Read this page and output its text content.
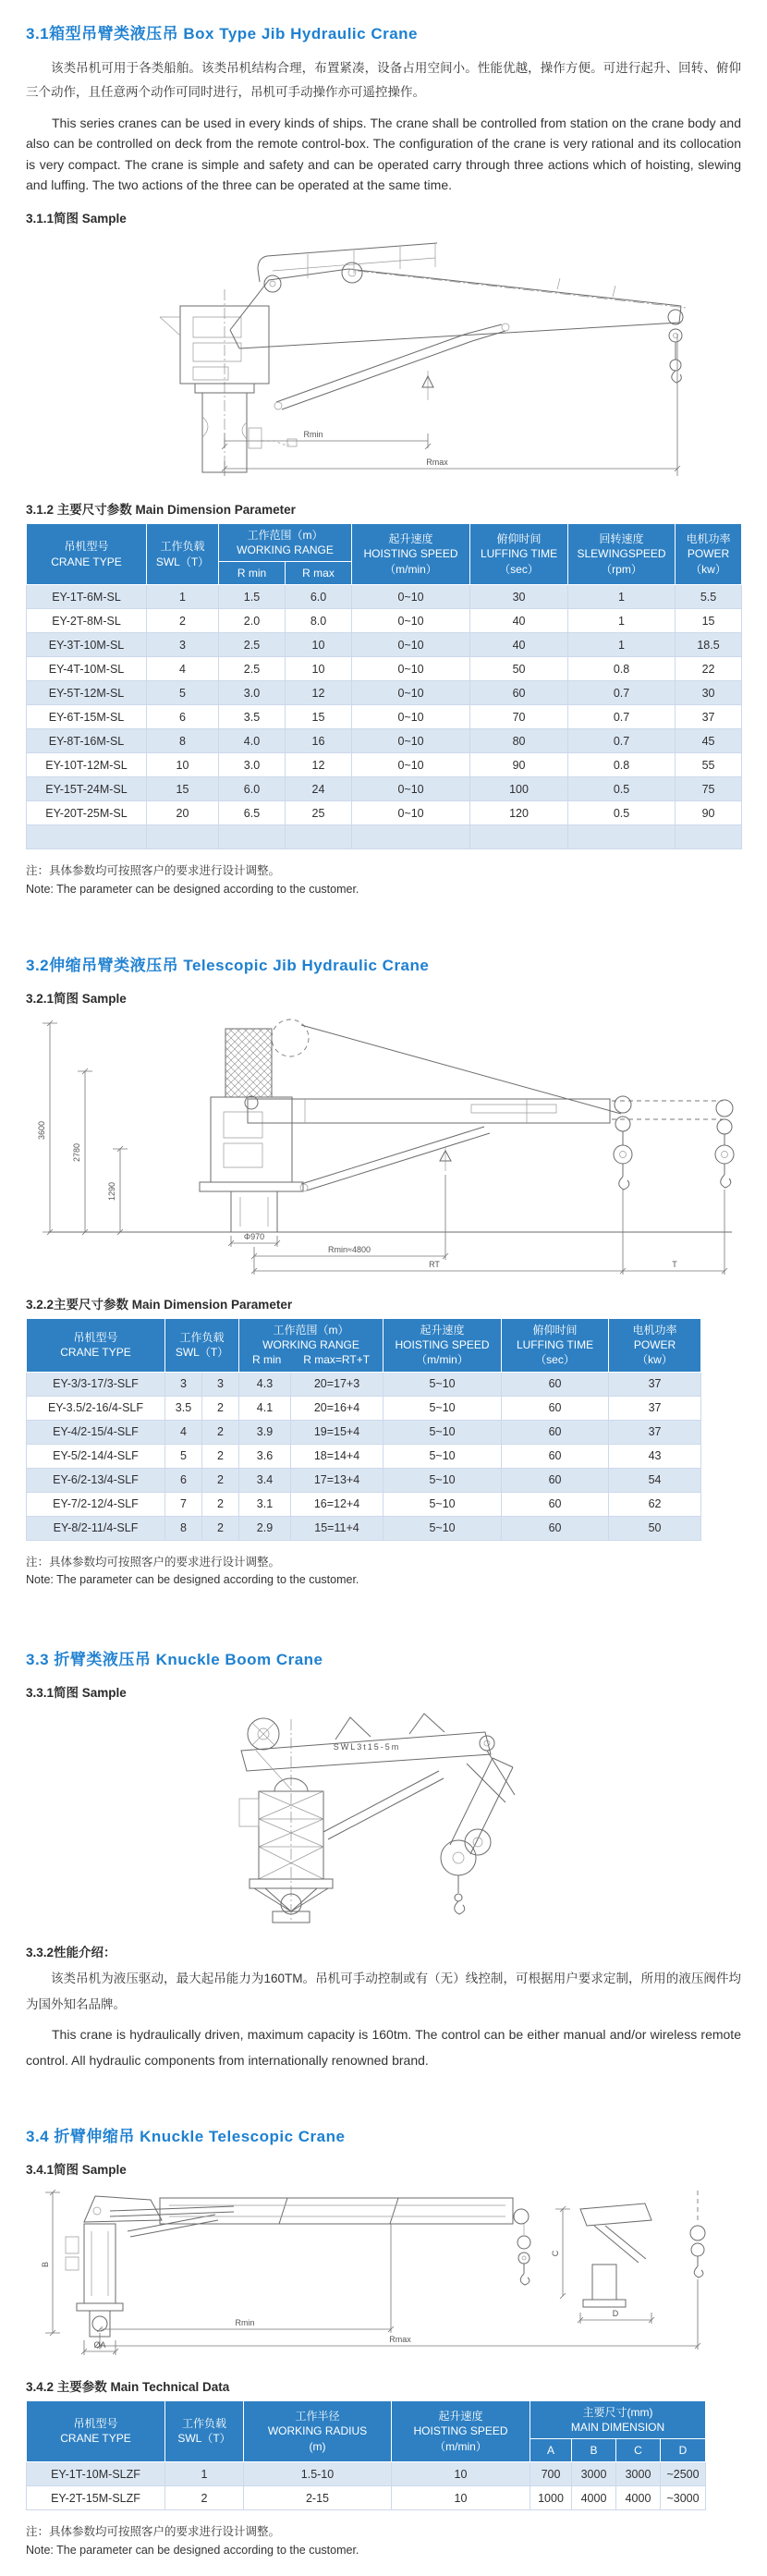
3.1箱型吊臂类液压吊 Box Type Jib Hydraulic Crane

该类吊机可用于各类船舶。该类吊机结构合理，布置紧凑，设备占用空间小。性能优越，操作方便。可进行起升、回转、俯仰三个动作，且任意两个动作可同时进行，吊机可手动操作亦可遥控操作。

This series cranes can be used in every kinds of ships. The crane shall be controlled from station on the crane body and also can be controlled on deck from the remote control-box. The configuration of the crane is very rational and its collocation is very compact. The crane is simple and safety and can be operated carry through three actions which of hoisting, slewing and luffing. The two actions of the three can be operated at the same time.

3.1.1简图 Sample
Rmin
Rmax
3.1.2 主要尺寸参数 Main Dimension Parameter
吊机型号
CRANE TYPE	工作负载
SWL（T）	工作范围（m）
WORKING RANGE		起升速度
HOISTING SPEED
（m/min）	俯仰时间
LUFFING TIME
（sec）	回转速度
SLEWINGSPEED
（rpm）	电机功率
POWER
（kw）
		R min	R max				
EY-1T-6M-SL	1	1.5	6.0	0~10	30	1	5.5
EY-2T-8M-SL	2	2.0	8.0	0~10	40	1	15
EY-3T-10M-SL	3	2.5	10	0~10	40	1	18.5
EY-4T-10M-SL	4	2.5	10	0~10	50	0.8	22
EY-5T-12M-SL	5	3.0	12	0~10	60	0.7	30
EY-6T-15M-SL	6	3.5	15	0~10	70	0.7	37
EY-8T-16M-SL	8	4.0	16	0~10	80	0.7	45
EY-10T-12M-SL	10	3.0	12	0~10	90	0.8	55
EY-15T-24M-SL	15	6.0	24	0~10	100	0.5	75
EY-20T-25M-SL	20	6.5	25	0~10	120	0.5	90

注：具体参数均可按照客户的要求进行设计调整。
Note: The parameter can be designed according to the customer.
3.2伸缩吊臂类液压吊 Telescopic Jib Hydraulic Crane
3.2.1简图 Sample
3600
2780
1290
Φ970
Rmin≈4800
RT	T
3.2.2主要尺寸参数 Main Dimension Parameter
吊机型号
CRANE TYPE	工作负载
SWL（T）		工作范围（m）
WORKING RANGE

R min R max=RT+T		起升速度
HOISTING SPEED
（m/min）	俯仰时间
LUFFING TIME
（sec）	电机功率
POWER
（kw）
EY-3/3-17/3-SLF	3	3	4.3	20=17+3	5~10	60	37
EY-3.5/2-16/4-SLF	3.5	2	4.1	20=16+4	5~10	60	37
EY-4/2-15/4-SLF	4	2	3.9	19=15+4	5~10	60	37
EY-5/2-14/4-SLF	5	2	3.6	18=14+4	5~10	60	43
EY-6/2-13/4-SLF	6	2	3.4	17=13+4	5~10	60	54
EY-7/2-12/4-SLF	7	2	3.1	16=12+4	5~10	60	62
EY-8/2-11/4-SLF	8	2	2.9	15=11+4	5~10	60	50
注：具体参数均可按照客户的要求进行设计调整。
Note: The parameter can be designed according to the customer.
3.3 折臂类液压吊 Knuckle Boom Crane
3.3.1简图 Sample
SWL3t15-5m
3.3.2性能介绍：

该类吊机为液压驱动，最大起吊能力为160TM。吊机可手动控制或有（无）线控制，可根据用户要求定制，所用的液压阀件均为国外知名品牌。

This crane is hydraulically driven, maximum capacity is 160tm. The control can be either manual and/or wireless remote control. All hydraulic components from internationally renowned brand.

3.4 折臂伸缩吊 Knuckle Telescopic Crane
3.4.1简图 Sample
B
C
D
Rmin
Rmax
ØA
3.4.2 主要参数 Main Technical Data
吊机型号
CRANE TYPE	工作负载
SWL（T）	工作半径
WORKING RADIUS
(m)	起升速度
HOISTING SPEED
（m/min）	主要尺寸(mm)
MAIN DIMENSION			
				A	B	C	D
EY-1T-10M-SLZF	1	1.5-10	10	700	3000	3000	~2500
EY-2T-15M-SLZF	2	2-15	10	1000	4000	4000	~3000
注：具体参数均可按照客户的要求进行设计调整。
Note: The parameter can be designed according to the customer.
